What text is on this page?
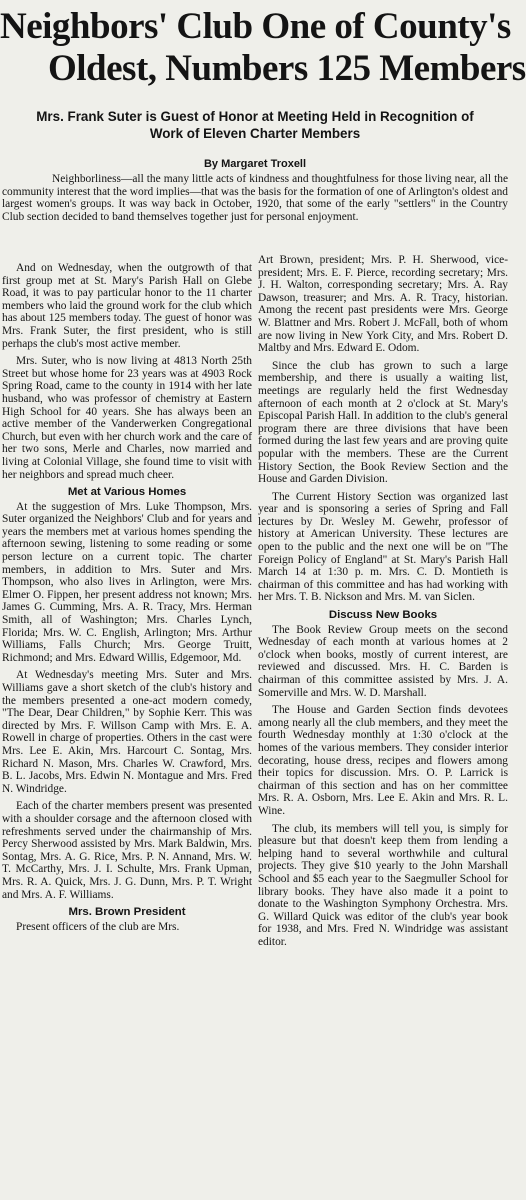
Neighbors' Club One of County's
Oldest, Numbers 125 Members
Mrs. Frank Suter is Guest of Honor at Meeting Held in Recognition of Work of Eleven Charter Members
By Margaret Troxell
Neighborliness—all the many little acts of kindness and thoughtfulness for those living near, all the community interest that the word implies—that was the basis for the formation of one of Arlington's oldest and largest women's groups. It was way back in October, 1920, that some of the early "settlers" in the Country Club section decided to band themselves together just for personal enjoyment.

And on Wednesday, when the outgrowth of that first group met at St. Mary's Parish Hall on Glebe Road, it was to pay particular honor to the 11 charter members who laid the ground work for the club which has about 125 members today. The guest of honor was Mrs. Frank Suter, the first president, who is still perhaps the club's most active member.

Mrs. Suter, who is now living at 4813 North 25th Street but whose home for 23 years was at 4903 Rock Spring Road, came to the county in 1914 with her late husband, who was professor of chemistry at Eastern High School for 40 years. She has always been an active member of the Vanderwerken Congregational Church, but even with her church work and the care of her two sons, Merle and Charles, now married and living at Colonial Village, she found time to visit with her neighbors and spread much cheer.

Met at Various Homes

At the suggestion of Mrs. Luke Thompson, Mrs. Suter organized the Neighbors' Club and for years and years the members met at various homes spending the afternoon sewing, listening to some reading or some person lecture on a current topic. The charter members, in addition to Mrs. Suter and Mrs. Thompson, who also lives in Arlington, were Mrs. Elmer O. Fippen, her present address not known; Mrs. James G. Cumming, Mrs. A. R. Tracy, Mrs. Herman Smith, all of Washington; Mrs. Charles Lynch, Florida; Mrs. W. C. English, Arlington; Mrs. Arthur Williams, Falls Church; Mrs. George Truitt, Richmond; and Mrs. Edward Willis, Edgemoor, Md.

At Wednesday's meeting Mrs. Suter and Mrs. Williams gave a short sketch of the club's history and the members presented a one-act modern comedy, "The Dear, Dear Children," by Sophie Kerr. This was directed by Mrs. F. Willson Camp with Mrs. E. A. Rowell in charge of properties. Others in the cast were Mrs. Lee E. Akin, Mrs. Harcourt C. Sontag, Mrs. Richard N. Mason, Mrs. Charles W. Crawford, Mrs. B. L. Jacobs, Mrs. Edwin N. Montague and Mrs. Fred N. Windridge.

Each of the charter members present was presented with a shoulder corsage and the afternoon closed with refreshments served under the chairmanship of Mrs. Percy Sherwood assisted by Mrs. Mark Baldwin, Mrs. Sontag, Mrs. A. G. Rice, Mrs. P. N. Annand, Mrs. W. T. McCarthy, Mrs. J. I. Schulte, Mrs. Frank Upman, Mrs. R. A. Quick, Mrs. J. G. Dunn, Mrs. P. T. Wright and Mrs. A. F. Williams.

Mrs. Brown President

Present officers of the club are Mrs.

Art Brown, president; Mrs. P. H. Sherwood, vice-president; Mrs. E. F. Pierce, recording secretary; Mrs. J. H. Walton, corresponding secretary; Mrs. A. Ray Dawson, treasurer; and Mrs. A. R. Tracy, historian. Among the recent past presidents were Mrs. George W. Blattner and Mrs. Robert J. McFall, both of whom are now living in New York City, and Mrs. Robert D. Maltby and Mrs. Edward E. Odom.

Since the club has grown to such a large membership, and there is usually a waiting list, meetings are regularly held the first Wednesday afternoon of each month at 2 o'clock at St. Mary's Episcopal Parish Hall. In addition to the club's general program there are three divisions that have been formed during the last few years and are proving quite popular with the members. These are the Current History Section, the Book Review Section and the House and Garden Division.

The Current History Section was organized last year and is sponsoring a series of Spring and Fall lectures by Dr. Wesley M. Gewehr, professor of history at American University. These lectures are open to the public and the next one will be on "The Foreign Policy of England" at St. Mary's Parish Hall March 14 at 1:30 p. m. Mrs. C. D. Montieth is chairman of this committee and has had working with her Mrs. T. B. Nickson and Mrs. M. van Siclen.

Discuss New Books

The Book Review Group meets on the second Wednesday of each month at various homes at 2 o'clock when books, mostly of current interest, are reviewed and discussed. Mrs. H. C. Barden is chairman of this committee assisted by Mrs. J. A. Somerville and Mrs. W. D. Marshall.

The House and Garden Section finds devotees among nearly all the club members, and they meet the fourth Wednesday monthly at 1:30 o'clock at the homes of the various members. They consider interior decorating, house dress, recipes and flowers among their topics for discussion. Mrs. O. P. Larrick is chairman of this section and has on her committee Mrs. R. A. Osborn, Mrs. Lee E. Akin and Mrs. R. L. Wine.

The club, its members will tell you, is simply for pleasure but that doesn't keep them from lending a helping hand to several worthwhile and cultural projects. They give $10 yearly to the John Marshall School and $5 each year to the Saegmuller School for library books. They have also made it a point to donate to the Washington Symphony Orchestra. Mrs. G. Willard Quick was editor of the club's year book for 1938, and Mrs. Fred N. Windridge was assistant editor.
